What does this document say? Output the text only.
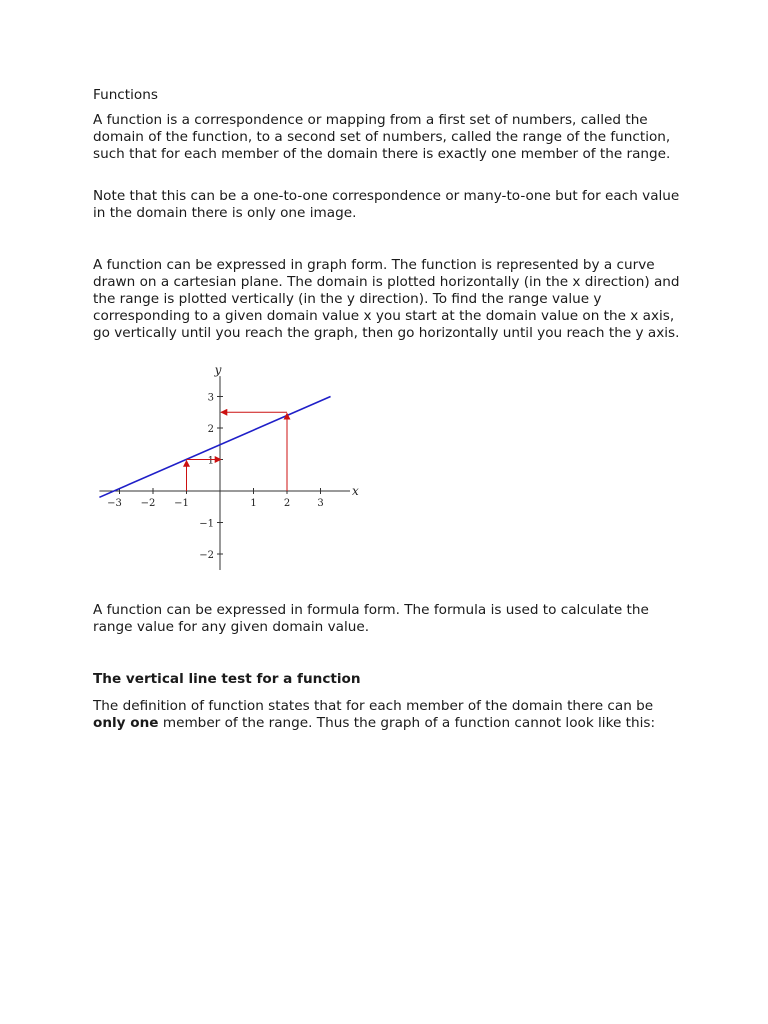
Functions

A function is a correspondence or mapping from a first set of numbers, called the domain of the function, to a second set of numbers, called the range of the function, such that for each member of the domain there is exactly one member of the range.

Note that this can be a one-to-one correspondence or many-to-one but for each value in the domain there is only one image.

A function can be expressed in graph form. The function is represented by a curve drawn on a cartesian plane. The domain is plotted horizontally (in the x direction) and the range is plotted vertically (in the y direction). To find the range value y corresponding to a given domain value x you start at the domain value on the x axis, go vertically until you reach the graph, then go horizontally until you reach the y axis.

−3 −2 −1	1	2	3
3
2
1
−1
−2
x
y

A function can be expressed in formula form. The formula is used to calculate the range value for any given domain value.

The vertical line test for a function

The definition of function states that for each member of the domain there can be only one member of the range. Thus the graph of a function cannot look like this:
